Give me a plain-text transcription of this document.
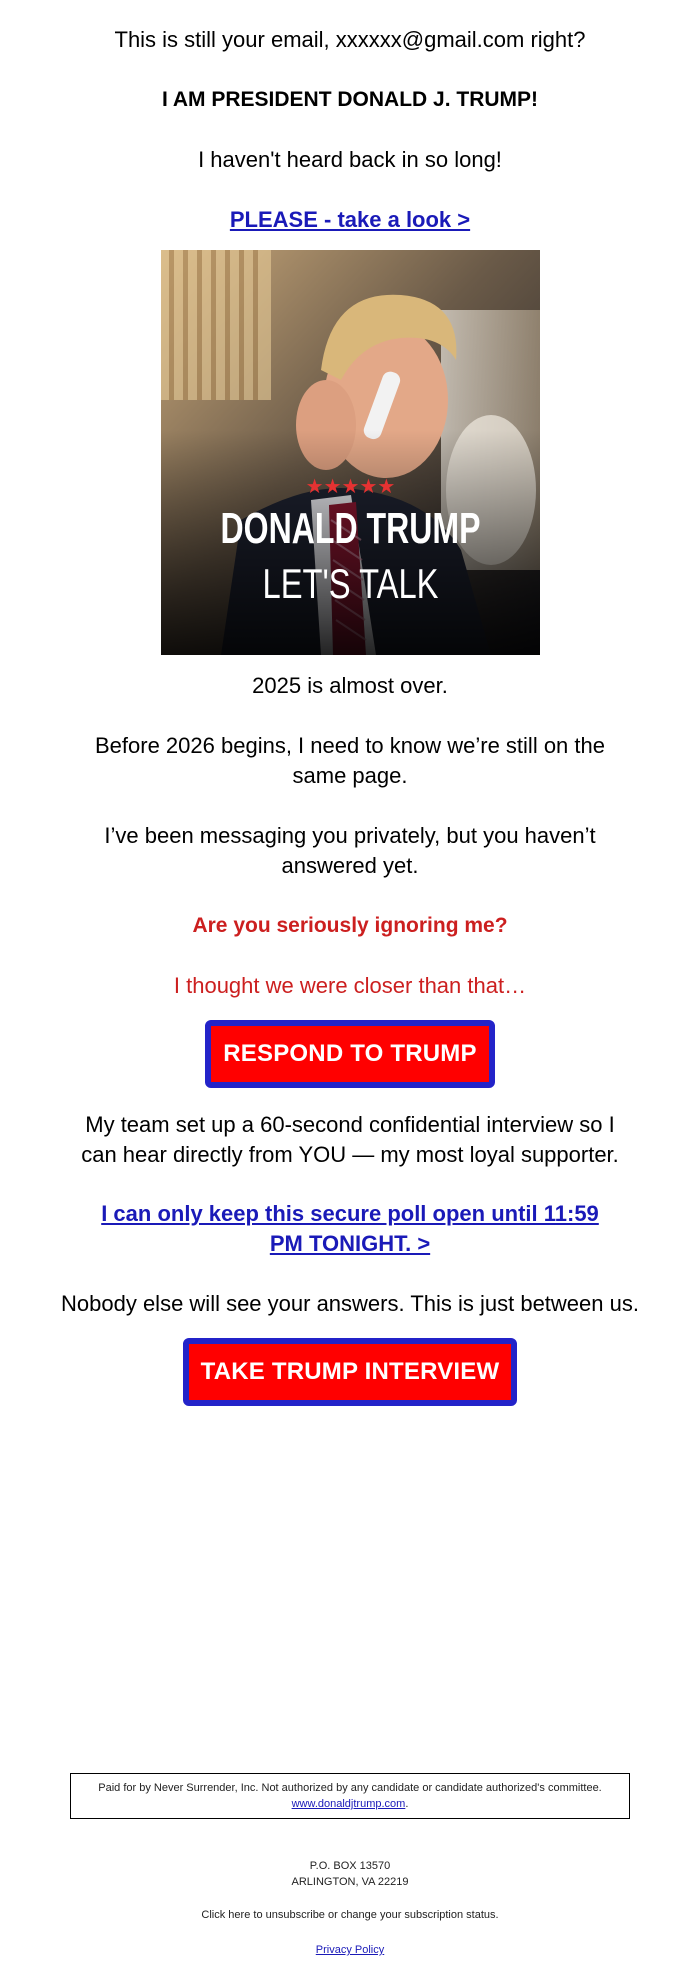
This is still your email, xxxxxx@gmail.com right?
I AM PRESIDENT DONALD J. TRUMP!
I haven't heard back in so long!
PLEASE - take a look >
★★★★★
DONALD TRUMP
LET'S TALK
2025 is almost over.
Before 2026 begins, I need to know we’re still on the same page.
I’ve been messaging you privately, but you haven’t answered yet.
Are you seriously ignoring me?
I thought we were closer than that…
RESPOND TO TRUMP
My team set up a 60-second confidential interview so I can hear directly from YOU — my most loyal supporter.
I can only keep this secure poll open until 11:59 PM TONIGHT. >
Nobody else will see your answers. This is just between us.
TAKE TRUMP INTERVIEW
Paid for by Never Surrender, Inc. Not authorized by any candidate or candidate authorized's committee.
www.donaldjtrump.com.
P.O. BOX 13570
ARLINGTON, VA 22219
Click here to unsubscribe or change your subscription status.
Privacy Policy
